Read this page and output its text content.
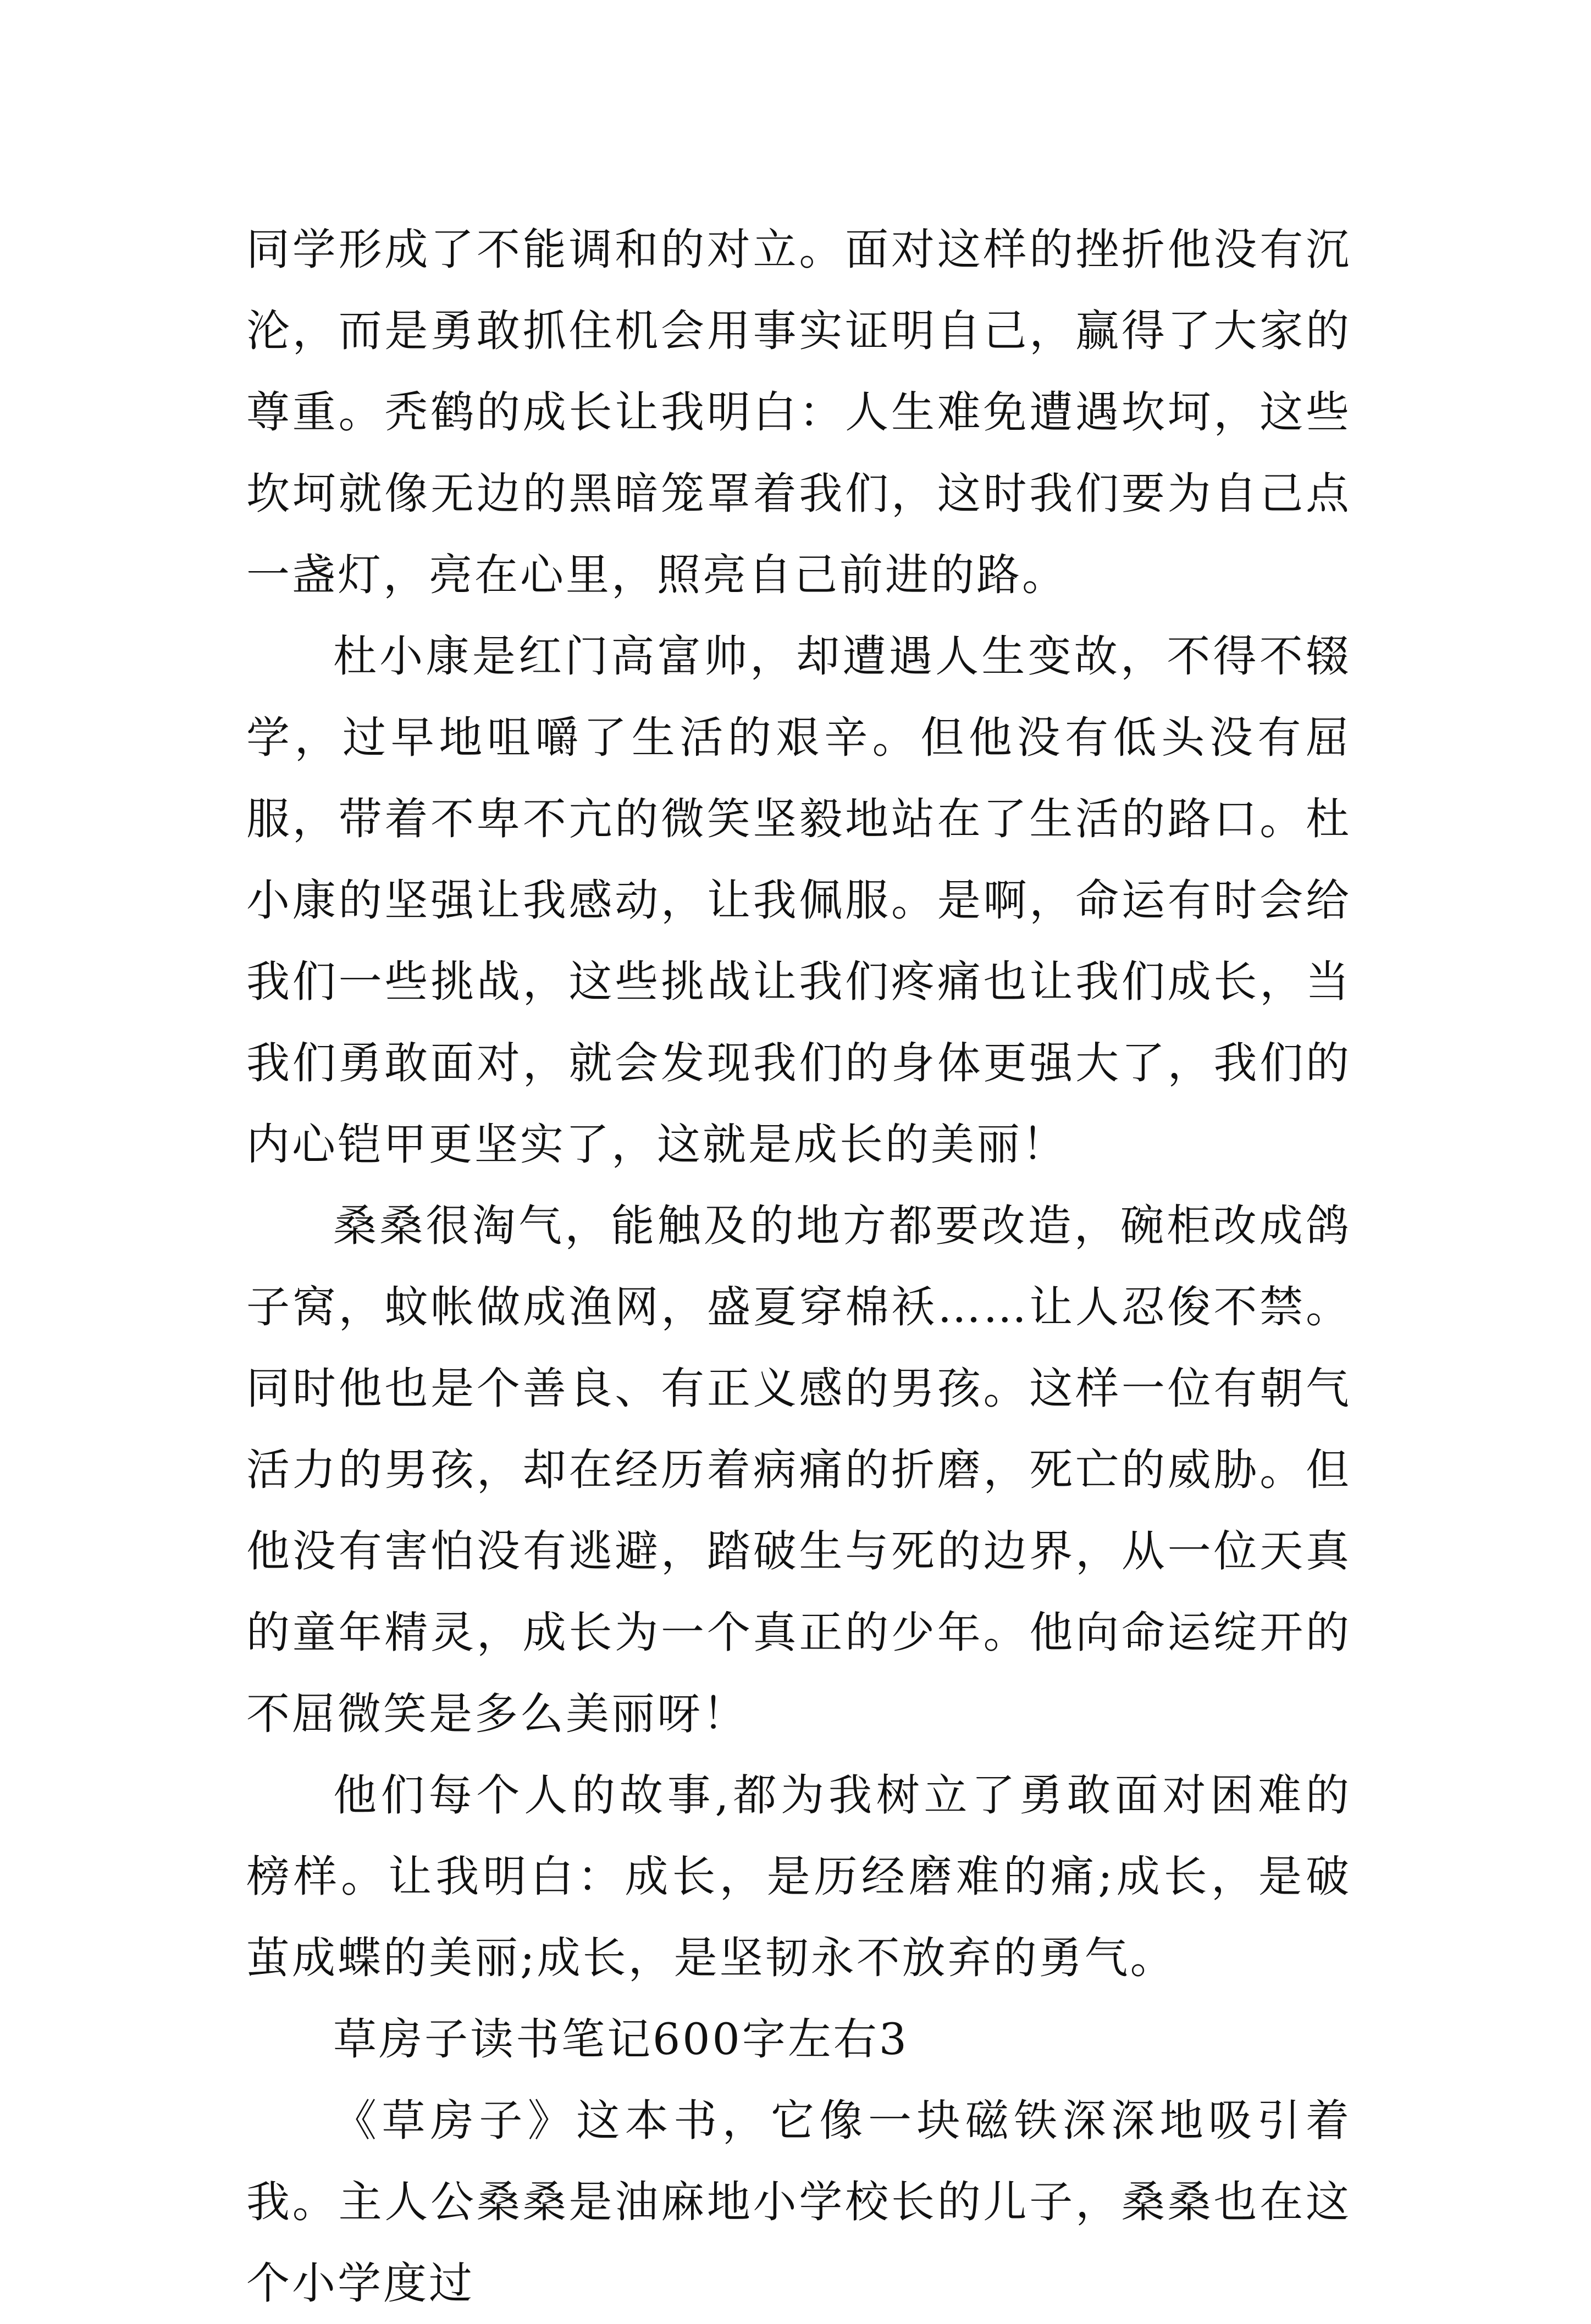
同学形成了不能调和的对立。面对这样的挫折他没有沉沦，而是勇敢抓住机会用事实证明自己，赢得了大家的尊重。秃鹤的成长让我明白：人生难免遭遇坎坷，这些坎坷就像无边的黑暗笼罩着我们，这时我们要为自己点一盏灯，亮在心里，照亮自己前进的路。

杜小康是红门高富帅，却遭遇人生变故，不得不辍学，过早地咀嚼了生活的艰辛。但他没有低头没有屈服，带着不卑不亢的微笑坚毅地站在了生活的路口。杜小康的坚强让我感动，让我佩服。是啊，命运有时会给我们一些挑战，这些挑战让我们疼痛也让我们成长，当我们勇敢面对，就会发现我们的身体更强大了，我们的内心铠甲更坚实了，这就是成长的美丽！

桑桑很淘气，能触及的地方都要改造，碗柜改成鸽子窝，蚊帐做成渔网，盛夏穿棉袄……让人忍俊不禁。同时他也是个善良、有正义感的男孩。这样一位有朝气活力的男孩，却在经历着病痛的折磨，死亡的威胁。但他没有害怕没有逃避，踏破生与死的边界，从一位天真的童年精灵，成长为一个真正的少年。他向命运绽开的不屈微笑是多么美丽呀！

他们每个人的故事,都为我树立了勇敢面对困难的榜样。让我明白：成长，是历经磨难的痛;成长，是破茧成蝶的美丽;成长，是坚韧永不放弃的勇气。

草房子读书笔记600字左右3

《草房子》这本书，它像一块磁铁深深地吸引着我。主人公桑桑是油麻地小学校长的儿子，桑桑也在这个小学度过
